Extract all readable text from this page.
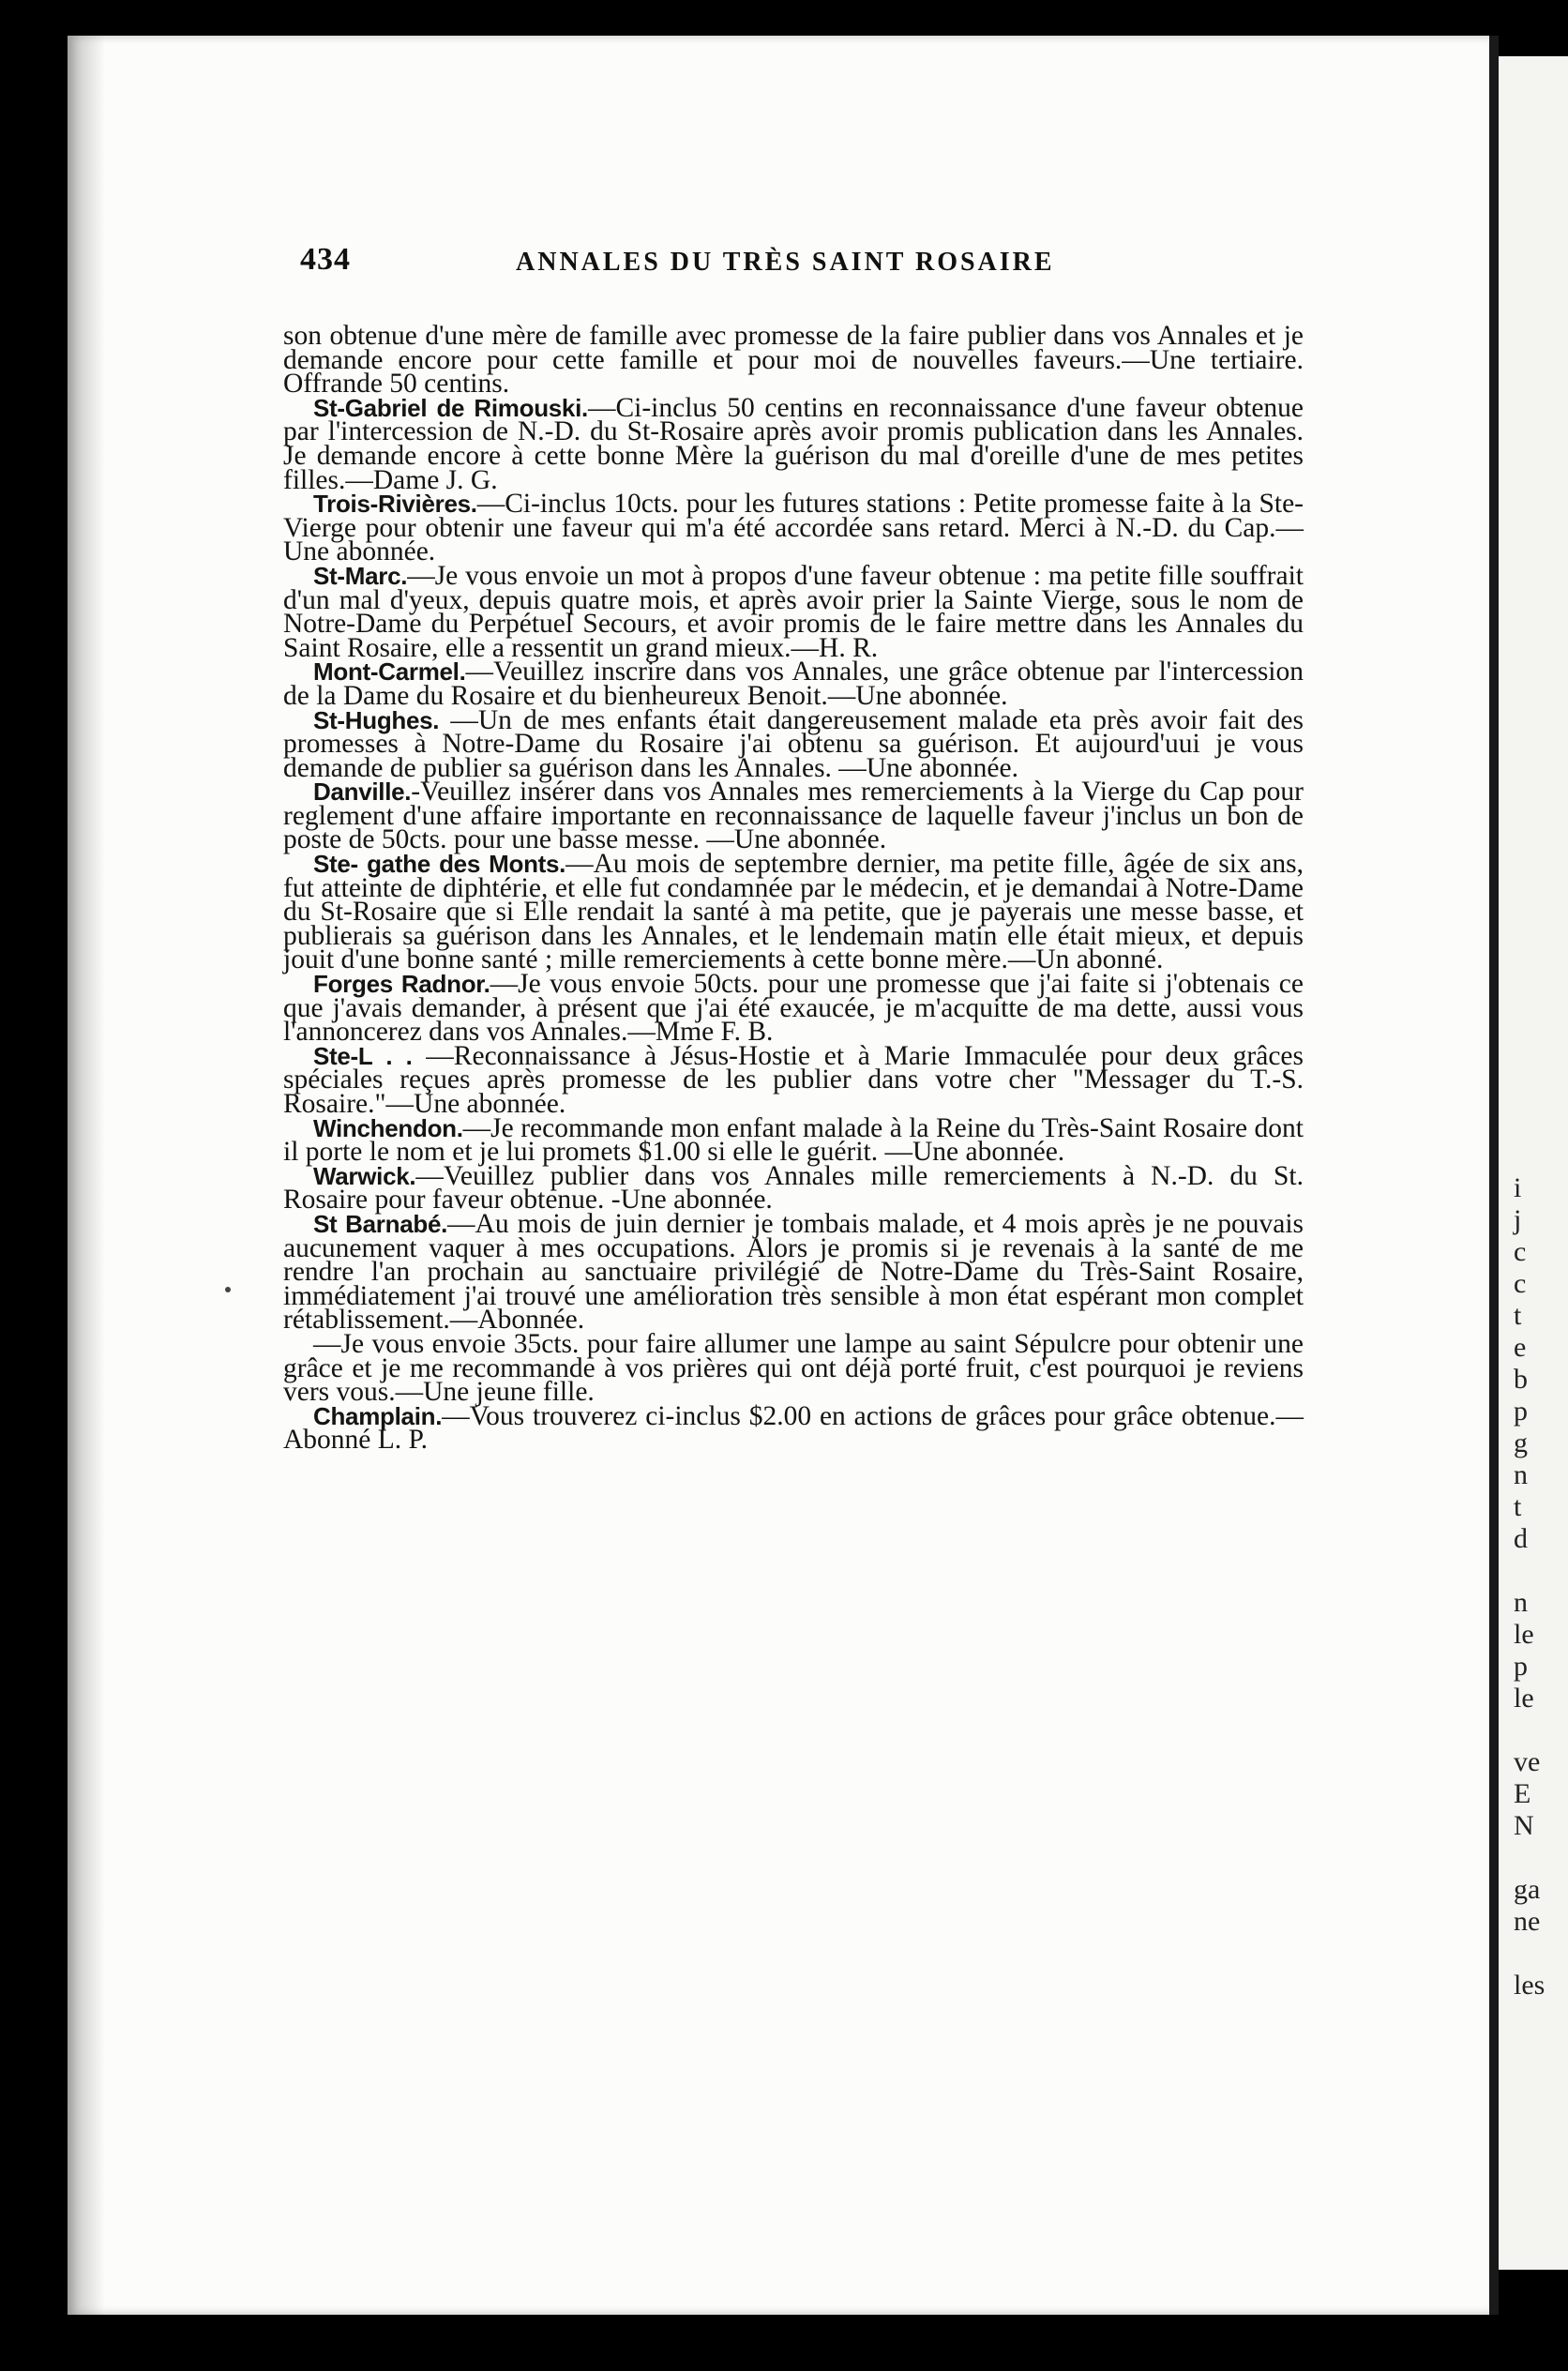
434	ANNALES DU TRÈS SAINT ROSAIRE

son obtenue d'une mère de famille avec promesse de la faire publier dans vos Annales et je demande encore pour cette famille et pour moi de nouvelles faveurs.—Une tertiaire. Offrande 50 centins.

St-Gabriel de Rimouski.—Ci-inclus 50 centins en reconnaissance d'une faveur obtenue par l'intercession de N.-D. du St-Rosaire après avoir promis publication dans les Annales. Je demande encore à cette bonne Mère la guérison du mal d'oreille d'une de mes petites filles.—Dame J. G.

Trois-Rivières.—Ci-inclus 10cts. pour les futures stations : Petite promesse faite à la Ste-Vierge pour obtenir une faveur qui m'a été accordée sans retard. Merci à N.-D. du Cap.—Une abonnée.

St-Marc.—Je vous envoie un mot à propos d'une faveur obtenue : ma petite fille souffrait d'un mal d'yeux, depuis quatre mois, et après avoir prier la Sainte Vierge, sous le nom de Notre-Dame du Perpétuel Secours, et avoir promis de le faire mettre dans les Annales du Saint Rosaire, elle a ressentit un grand mieux.—H. R.

Mont-Carmel.—Veuillez inscrire dans vos Annales, une grâce obtenue par l'intercession de la Dame du Rosaire et du bienheureux Benoit.—Une abonnée.

St-Hughes. —Un de mes enfants était dangereusement malade eta près avoir fait des promesses à Notre-Dame du Rosaire j'ai obtenu sa guérison. Et aujourd'uui je vous demande de publier sa guérison dans les Annales. —Une abonnée.

Danville.-Veuillez insérer dans vos Annales mes remerciements à la Vierge du Cap pour reglement d'une affaire importante en reconnaissance de laquelle faveur j'inclus un bon de poste de 50cts. pour une basse messe. —Une abonnée.

Ste- gathe des Monts.—Au mois de septembre dernier, ma petite fille, âgée de six ans, fut atteinte de diphtérie, et elle fut condamnée par le médecin, et je demandai à Notre-Dame du St-Rosaire que si Elle rendait la santé à ma petite, que je payerais une messe basse, et publierais sa guérison dans les Annales, et le lendemain matin elle était mieux, et depuis jouit d'une bonne santé ; mille remerciements à cette bonne mère.—Un abonné.

Forges Radnor.—Je vous envoie 50cts. pour une promesse que j'ai faite si j'obtenais ce que j'avais demander, à présent que j'ai été exaucée, je m'acquitte de ma dette, aussi vous l'annoncerez dans vos Annales.—Mme F. B.

Ste-L . . —Reconnaissance à Jésus-Hostie et à Marie Immaculée pour deux grâces spéciales reçues après promesse de les publier dans votre cher "Messager du T.-S. Rosaire."—Une abonnée.

Winchendon.—Je recommande mon enfant malade à la Reine du Très-Saint Rosaire dont il porte le nom et je lui promets $1.00 si elle le guérit. —Une abonnée.

Warwick.—Veuillez publier dans vos Annales mille remerciements à N.-D. du St. Rosaire pour faveur obtenue. -Une abonnée.

St Barnabé.—Au mois de juin dernier je tombais malade, et 4 mois après je ne pouvais aucunement vaquer à mes occupations. Alors je promis si je revenais à la santé de me rendre l'an prochain au sanctuaire privilégié de Notre-Dame du Très-Saint Rosaire, immédiatement j'ai trouvé une amélioration très sensible à mon état espérant mon complet rétablissement.—Abonnée.

—Je vous envoie 35cts. pour faire allumer une lampe au saint Sépulcre pour obtenir une grâce et je me recommande à vos prières qui ont déjà porté fruit, c'est pourquoi je reviens vers vous.—Une jeune fille.

Champlain.—Vous trouverez ci-inclus $2.00 en actions de grâces pour grâce obtenue.—Abonné L. P.

i
j
c
c
t
e
b
p
g
n
t
d
n
le
p
le
ve
E
N
ga
ne
les
